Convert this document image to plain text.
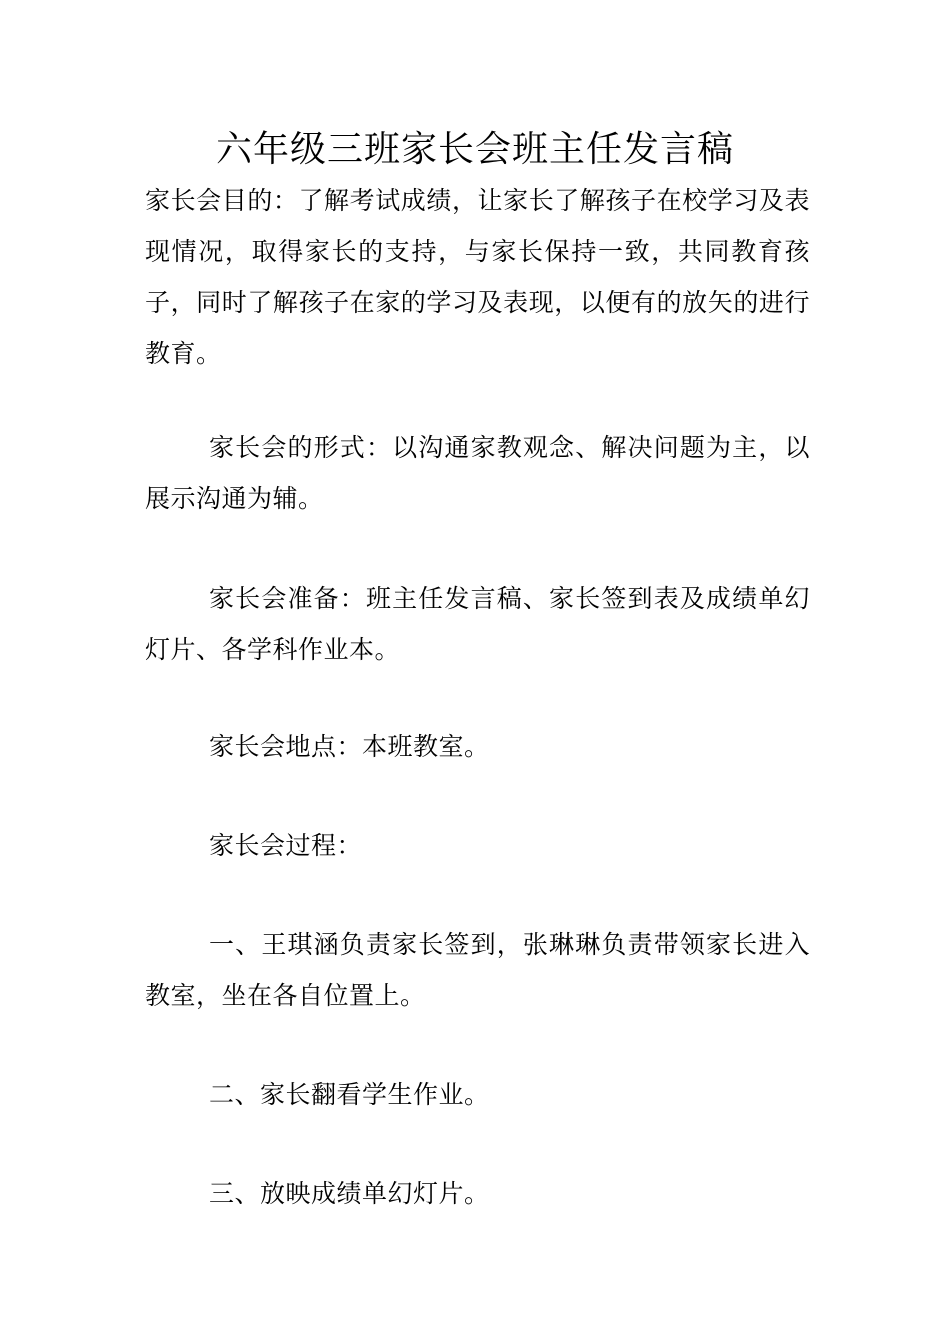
六年级三班家长会班主任发言稿

家长会目的：了解考试成绩，让家长了解孩子在校学习及表现情况，取得家长的支持，与家长保持一致，共同教育孩子，同时了解孩子在家的学习及表现，以便有的放矢的进行教育。

家长会的形式：以沟通家教观念、解决问题为主，以展示沟通为辅。

家长会准备：班主任发言稿、家长签到表及成绩单幻灯片、各学科作业本。

家长会地点：本班教室。

家长会过程：

一、王琪涵负责家长签到，张琳琳负责带领家长进入教室，坐在各自位置上。

二、家长翻看学生作业。

三、放映成绩单幻灯片。
